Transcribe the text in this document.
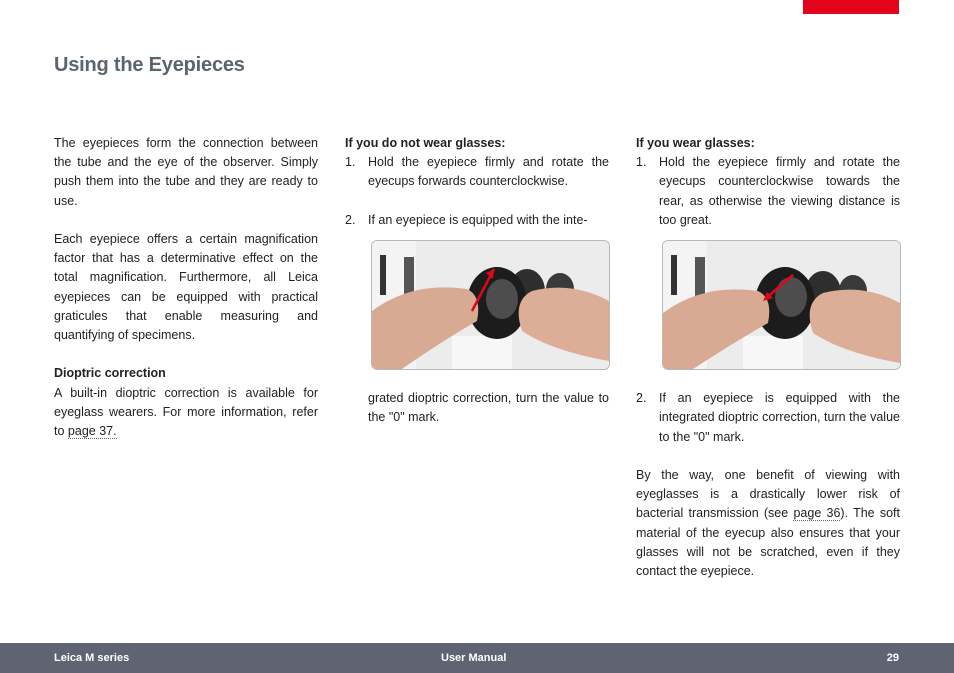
Using the Eyepieces

The eyepieces form the connection between the tube and the eye of the observer. Simply push them into the tube and they are ready to use.

Each eyepiece offers a certain magnification factor that has a determinative effect on the total magnification. Furthermore, all Leica eyepieces can be equipped with practical graticules that enable measuring and quantifying of specimens.

Dioptric correction

A built-in dioptric correction is available for eyeglass wearers. For more information, refer to page 37.

If you do not wear glasses:
1.	Hold the eyepiece firmly and rotate the eyecups forwards counterclockwise.
2.	If an eyepiece is equipped with the inte-

grated dioptric correction, turn the value to the "0" mark.

If you wear glasses:
1.	Hold the eyepiece firmly and rotate the eyecups counterclockwise towards the rear, as otherwise the viewing distance is too great.
2.	If an eyepiece is equipped with the integrated dioptric correction, turn the value to the "0" mark.

By the way, one benefit of viewing with eyeglasses is a drastically lower risk of bacterial transmission (see page 36). The soft material of the eyecup also ensures that your glasses will not be scratched, even if they contact the eyepiece.

Leica M series	User Manual	29
